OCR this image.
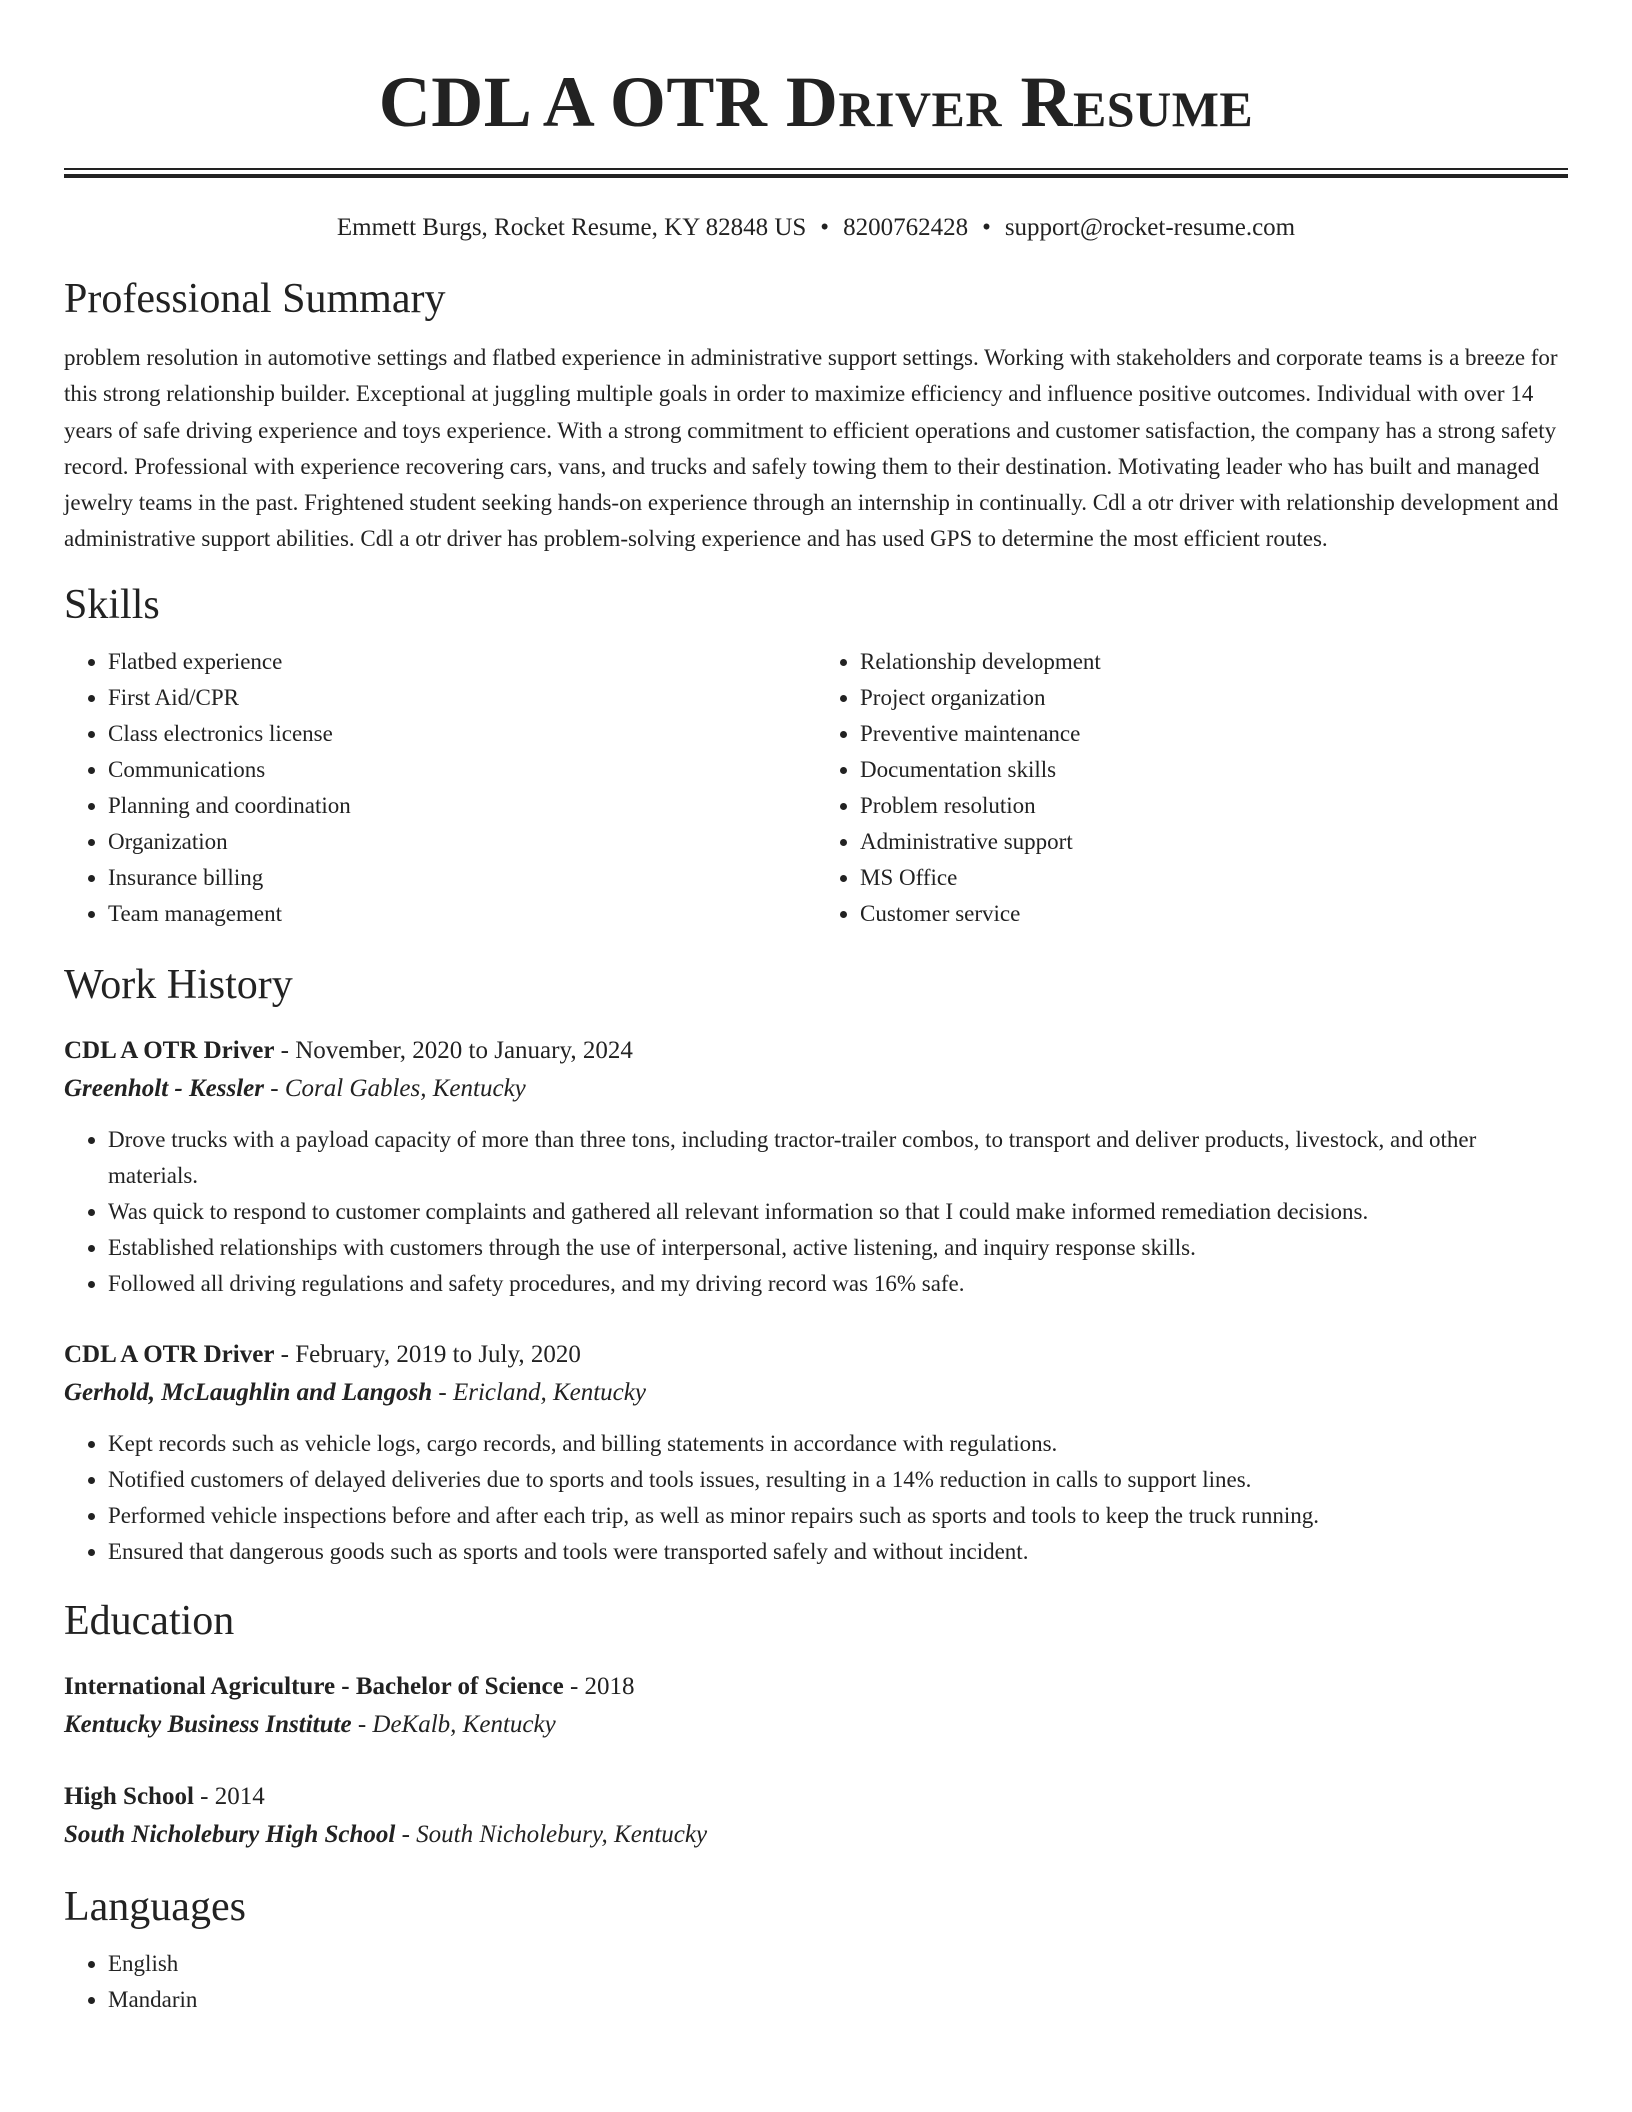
CDL A OTR Driver Resume
Emmett Burgs, Rocket Resume, KY 82848 US • 8200762428 • support@rocket-resume.com
Professional Summary

problem resolution in automotive settings and flatbed experience in administrative support settings. Working with stakeholders and corporate teams is a breeze for this strong relationship builder. Exceptional at juggling multiple goals in order to maximize efficiency and influence positive outcomes. Individual with over 14 years of safe driving experience and toys experience. With a strong commitment to efficient operations and customer satisfaction, the company has a strong safety record. Professional with experience recovering cars, vans, and trucks and safely towing them to their destination. Motivating leader who has built and managed jewelry teams in the past. Frightened student seeking hands-on experience through an internship in continually. Cdl a otr driver with relationship development and administrative support abilities. Cdl a otr driver has problem-solving experience and has used GPS to determine the most efficient routes.

Skills
• Flatbed experience
• First Aid/CPR
• Class electronics license
• Communications
• Planning and coordination
• Organization
• Insurance billing
• Team management
• Relationship development
• Project organization
• Preventive maintenance
• Documentation skills
• Problem resolution
• Administrative support
• MS Office
• Customer service
Work History
CDL A OTR Driver - November, 2020 to January, 2024
Greenholt - Kessler - Coral Gables, Kentucky
• Drove trucks with a payload capacity of more than three tons, including tractor-trailer combos, to transport and deliver products, livestock, and other materials.
• Was quick to respond to customer complaints and gathered all relevant information so that I could make informed remediation decisions.
• Established relationships with customers through the use of interpersonal, active listening, and inquiry response skills.
• Followed all driving regulations and safety procedures, and my driving record was 16% safe.
CDL A OTR Driver - February, 2019 to July, 2020
Gerhold, McLaughlin and Langosh - Ericland, Kentucky
• Kept records such as vehicle logs, cargo records, and billing statements in accordance with regulations.
• Notified customers of delayed deliveries due to sports and tools issues, resulting in a 14% reduction in calls to support lines.
• Performed vehicle inspections before and after each trip, as well as minor repairs such as sports and tools to keep the truck running.
• Ensured that dangerous goods such as sports and tools were transported safely and without incident.
Education
International Agriculture - Bachelor of Science - 2018
Kentucky Business Institute - DeKalb, Kentucky
High School - 2014
South Nicholebury High School - South Nicholebury, Kentucky
Languages
• English
• Mandarin
